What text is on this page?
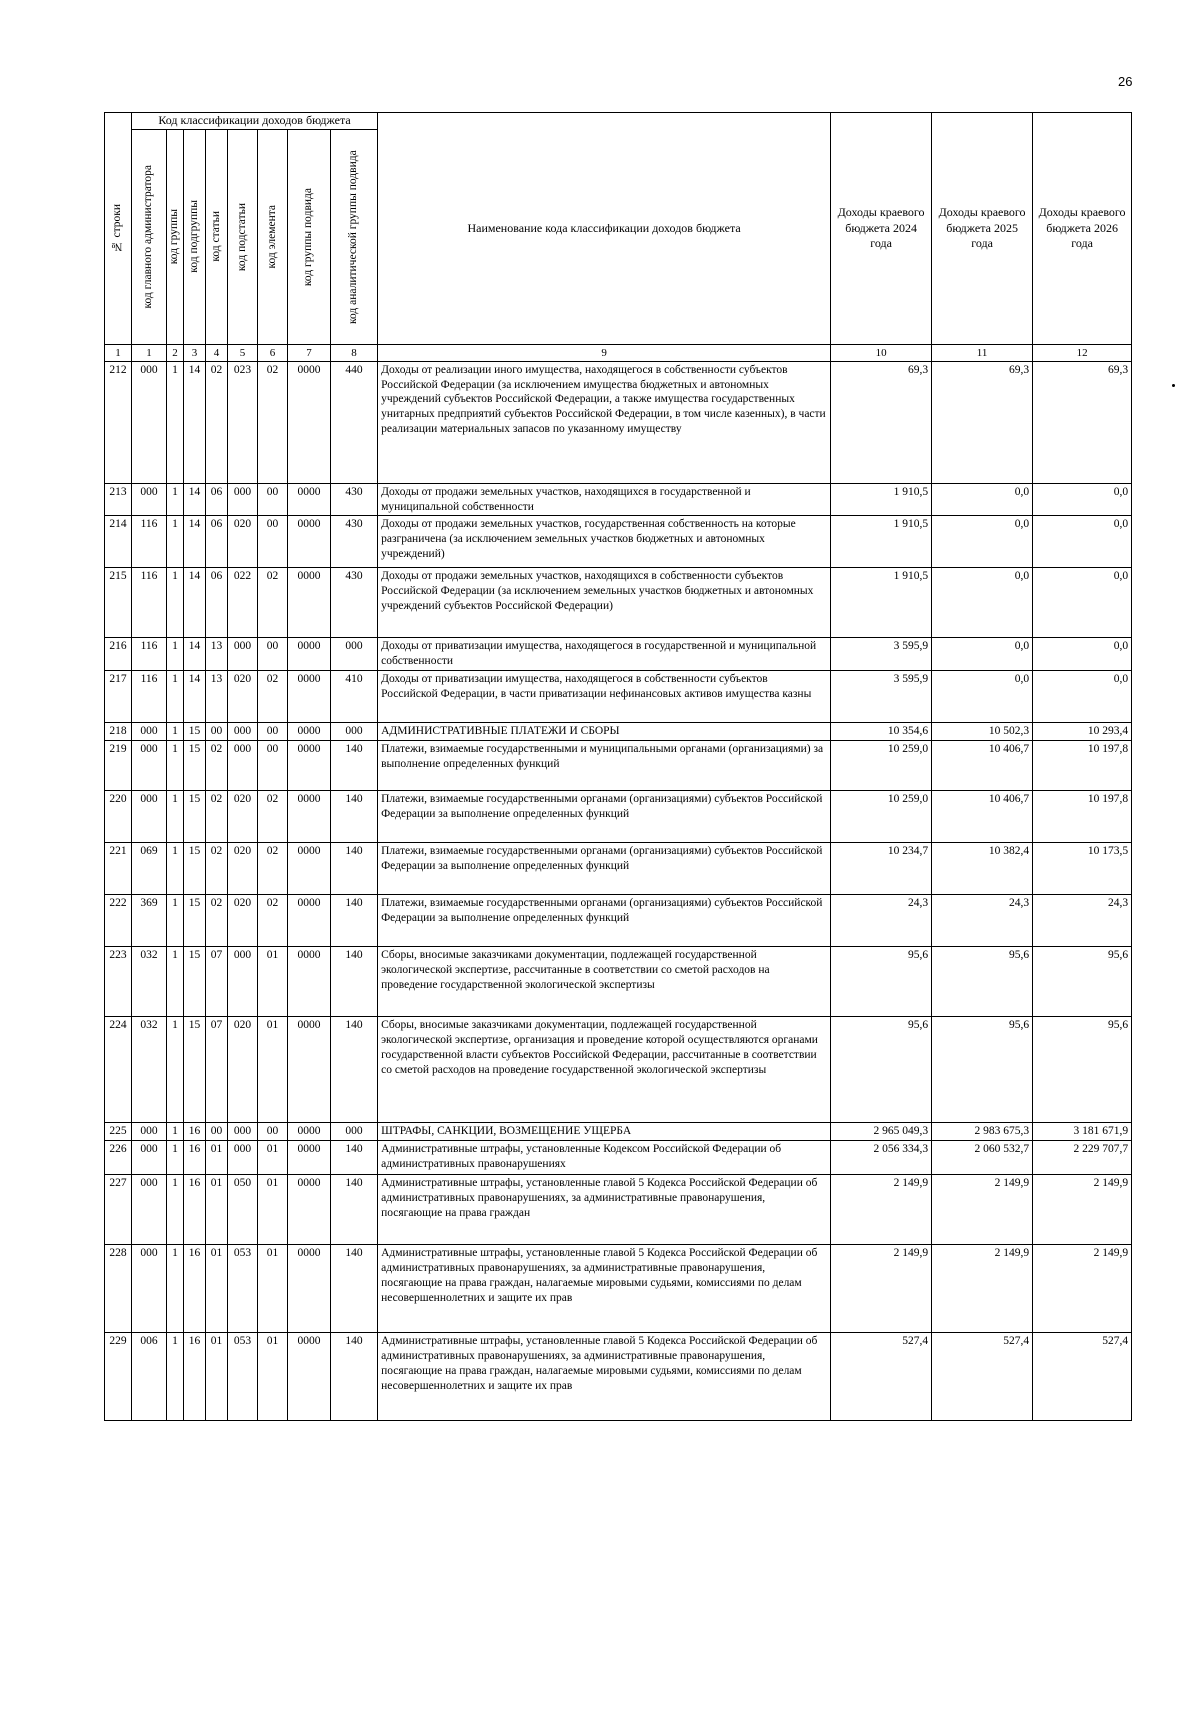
26
№ строки	Код классификации доходов бюджета								Наименование кода классификации доходов бюджета	Доходы краевого бюджета 2024 года	Доходы краевого бюджета 2025 года	Доходы краевого бюджета 2026 года

	код главного администратора	код группы	код подгруппы	код статьи	код подстатьи	код элемента	код группы подвида	код аналитической группы подвида				

1	1	2	3	4	5	6	7	8	9	10	11	12
212	000	1	14	02	023	02	0000	440	Доходы от реализации иного имущества, находящегося в собственности субъектов Российской Федерации (за исключением имущества бюджетных и автономных учреждений субъектов Российской Федерации, а также имущества государственных унитарных предприятий субъектов Российской Федерации, в том числе казенных), в части реализации материальных запасов по указанному имуществу	69,3	69,3	69,3
213	000	1	14	06	000	00	0000	430	Доходы от продажи земельных участков, находящихся в государственной и муниципальной собственности	1 910,5	0,0	0,0
214	116	1	14	06	020	00	0000	430	Доходы от продажи земельных участков, государственная собственность на которые разграничена (за исключением земельных участков бюджетных и автономных учреждений)	1 910,5	0,0	0,0
215	116	1	14	06	022	02	0000	430	Доходы от продажи земельных участков, находящихся в собственности субъектов Российской Федерации (за исключением земельных участков бюджетных и автономных учреждений субъектов Российской Федерации)	1 910,5	0,0	0,0
216	116	1	14	13	000	00	0000	000	Доходы от приватизации имущества, находящегося в государственной и муниципальной собственности	3 595,9	0,0	0,0
217	116	1	14	13	020	02	0000	410	Доходы от приватизации имущества, находящегося в собственности субъектов Российской Федерации, в части приватизации нефинансовых активов имущества казны	3 595,9	0,0	0,0
218	000	1	15	00	000	00	0000	000	АДМИНИСТРАТИВНЫЕ ПЛАТЕЖИ И СБОРЫ	10 354,6	10 502,3	10 293,4
219	000	1	15	02	000	00	0000	140	Платежи, взимаемые государственными и муниципальными органами (организациями) за выполнение определенных функций	10 259,0	10 406,7	10 197,8
220	000	1	15	02	020	02	0000	140	Платежи, взимаемые государственными органами (организациями) субъектов Российской Федерации за выполнение определенных функций	10 259,0	10 406,7	10 197,8
221	069	1	15	02	020	02	0000	140	Платежи, взимаемые государственными органами (организациями) субъектов Российской Федерации за выполнение определенных функций	10 234,7	10 382,4	10 173,5
222	369	1	15	02	020	02	0000	140	Платежи, взимаемые государственными органами (организациями) субъектов Российской Федерации за выполнение определенных функций	24,3	24,3	24,3
223	032	1	15	07	000	01	0000	140	Сборы, вносимые заказчиками документации, подлежащей государственной экологической экспертизе, рассчитанные в соответствии со сметой расходов на проведение государственной экологической экспертизы	95,6	95,6	95,6
224	032	1	15	07	020	01	0000	140	Сборы, вносимые заказчиками документации, подлежащей государственной экологической экспертизе, организация и проведение которой осуществляются органами государственной власти субъектов Российской Федерации, рассчитанные в соответствии со сметой расходов на проведение государственной экологической экспертизы	95,6	95,6	95,6
225	000	1	16	00	000	00	0000	000	ШТРАФЫ, САНКЦИИ, ВОЗМЕЩЕНИЕ УЩЕРБА	2 965 049,3	2 983 675,3	3 181 671,9
226	000	1	16	01	000	01	0000	140	Административные штрафы, установленные Кодексом Российской Федерации об административных правонарушениях	2 056 334,3	2 060 532,7	2 229 707,7
227	000	1	16	01	050	01	0000	140	Административные штрафы, установленные главой 5 Кодекса Российской Федерации об административных правонарушениях, за административные правонарушения, посягающие на права граждан	2 149,9	2 149,9	2 149,9
228	000	1	16	01	053	01	0000	140	Административные штрафы, установленные главой 5 Кодекса Российской Федерации об административных правонарушениях, за административные правонарушения, посягающие на права граждан, налагаемые мировыми судьями, комиссиями по делам несовершеннолетних и защите их прав	2 149,9	2 149,9	2 149,9
229	006	1	16	01	053	01	0000	140	Административные штрафы, установленные главой 5 Кодекса Российской Федерации об административных правонарушениях, за административные правонарушения, посягающие на права граждан, налагаемые мировыми судьями, комиссиями по делам несовершеннолетних и защите их прав	527,4	527,4	527,4
